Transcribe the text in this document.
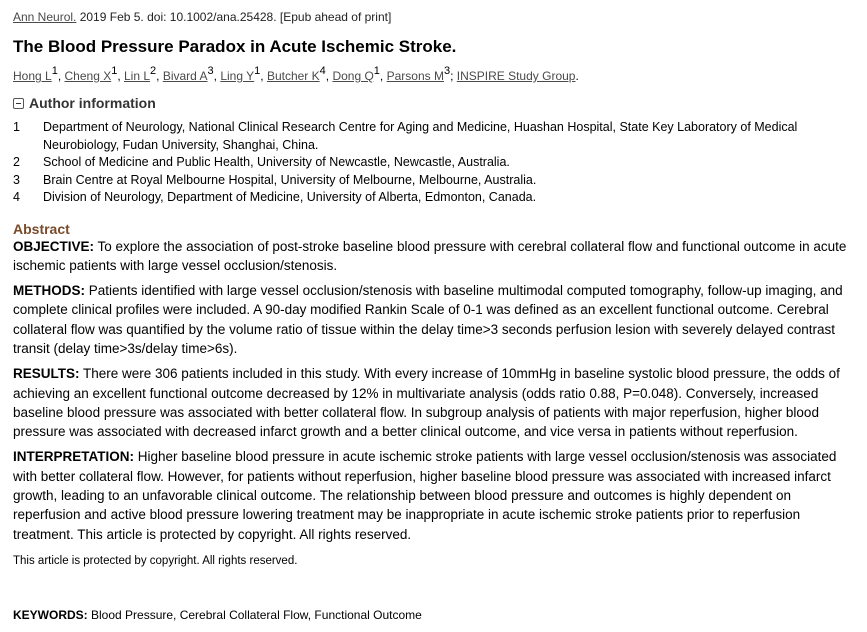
Ann Neurol. 2019 Feb 5. doi: 10.1002/ana.25428. [Epub ahead of print]
The Blood Pressure Paradox in Acute Ischemic Stroke.
Hong $L^1$, Cheng $X^1$, Lin $L^2$, Bivard $A^3$, Ling $Y^1$, Butcher $K^4$, Dong $Q^1$, Parsons $M^3$; INSPIRE Study Group.
Author information
1	Department of Neurology, National Clinical Research Centre for Aging and Medicine, Huashan Hospital, State Key Laboratory of Medical Neurobiology, Fudan University, Shanghai, China.
2	School of Medicine and Public Health, University of Newcastle, Newcastle, Australia.
3	Brain Centre at Royal Melbourne Hospital, University of Melbourne, Melbourne, Australia.
4	Division of Neurology, Department of Medicine, University of Alberta, Edmonton, Canada.
Abstract

OBJECTIVE: To explore the association of post-stroke baseline blood pressure with cerebral collateral flow and functional outcome in acute ischemic patients with large vessel occlusion/stenosis.

METHODS: Patients identified with large vessel occlusion/stenosis with baseline multimodal computed tomography, follow-up imaging, and complete clinical profiles were included. A 90-day modified Rankin Scale of 0-1 was defined as an excellent functional outcome. Cerebral collateral flow was quantified by the volume ratio of tissue within the delay time>3 seconds perfusion lesion with severely delayed contrast transit (delay time>3s/delay time>6s).

RESULTS: There were 306 patients included in this study. With every increase of 10mmHg in baseline systolic blood pressure, the odds of achieving an excellent functional outcome decreased by 12% in multivariate analysis (odds ratio 0.88, P=0.048). Conversely, increased baseline blood pressure was associated with better collateral flow. In subgroup analysis of patients with major reperfusion, higher blood pressure was associated with decreased infarct growth and a better clinical outcome, and vice versa in patients without reperfusion.

INTERPRETATION: Higher baseline blood pressure in acute ischemic stroke patients with large vessel occlusion/stenosis was associated with better collateral flow. However, for patients without reperfusion, higher baseline blood pressure was associated with increased infarct growth, leading to an unfavorable clinical outcome. The relationship between blood pressure and outcomes is highly dependent on reperfusion and active blood pressure lowering treatment may be inappropriate in acute ischemic stroke patients prior to reperfusion treatment. This article is protected by copyright. All rights reserved.

This article is protected by copyright. All rights reserved.
KEYWORDS: Blood Pressure, Cerebral Collateral Flow, Functional Outcome
